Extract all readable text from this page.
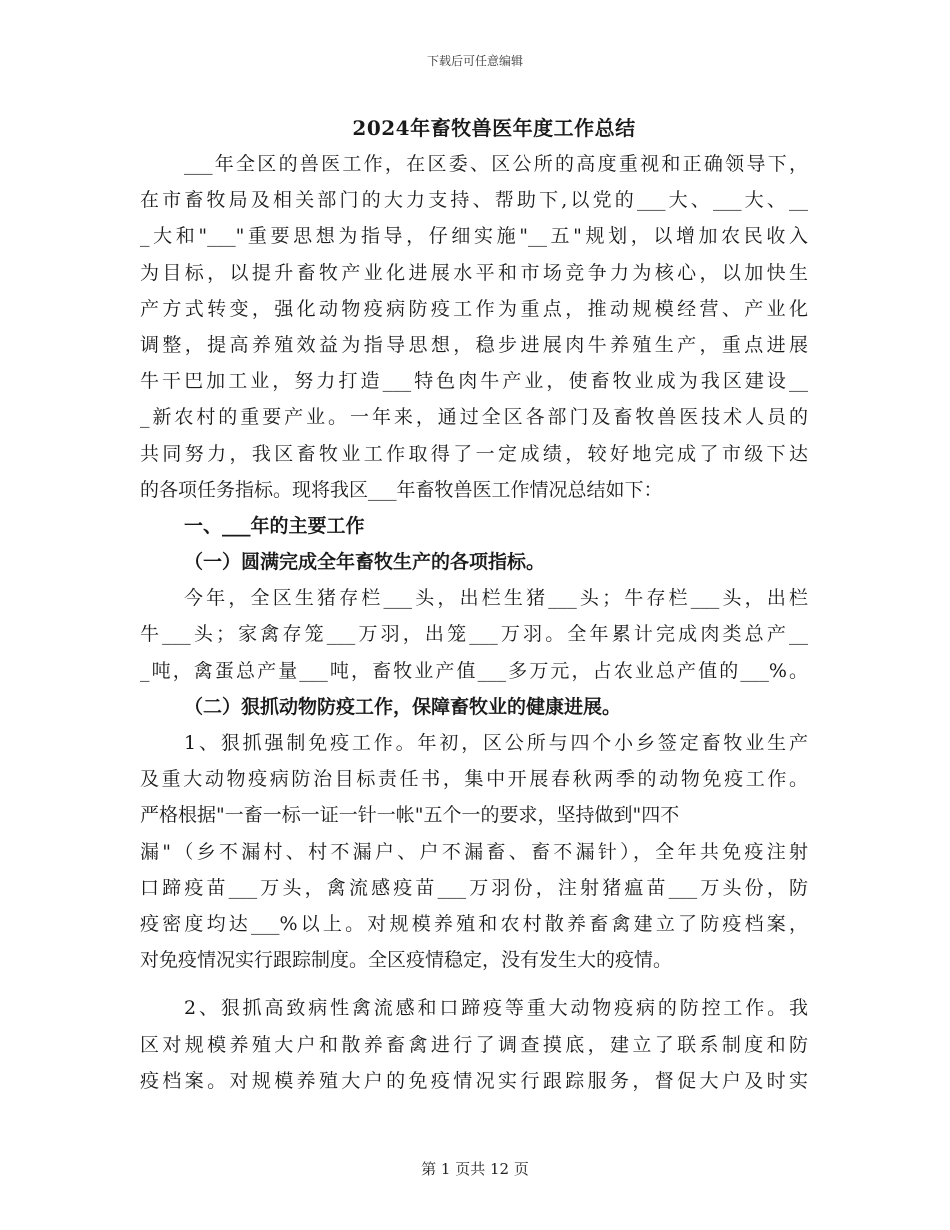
下载后可任意编辑
2024年畜牧兽医年度工作总结
___年全区的兽医工作，在区委、区公所的高度重视和正确领导下，
在市畜牧局及相关部门的大力支持、帮助下,以党的___大、___大、__
_大和"___"重要思想为指导，仔细实施"__五"规划，以增加农民收入
为目标，以提升畜牧产业化进展水平和市场竞争力为核心，以加快生
产方式转变，强化动物疫病防疫工作为重点，推动规模经营、产业化
调整，提高养殖效益为指导思想，稳步进展肉牛养殖生产，重点进展
牛干巴加工业，努力打造___特色肉牛产业，使畜牧业成为我区建设__
_新农村的重要产业。一年来，通过全区各部门及畜牧兽医技术人员的
共同努力，我区畜牧业工作取得了一定成绩，较好地完成了市级下达
的各项任务指标。现将我区___年畜牧兽医工作情况总结如下：
一、___年的主要工作
（一）圆满完成全年畜牧生产的各项指标。
今年，全区生猪存栏___头，出栏生猪___头；牛存栏___头，出栏
牛___头；家禽存笼___万羽，出笼___万羽。全年累计完成肉类总产__
_吨，禽蛋总产量___吨，畜牧业产值___多万元，占农业总产值的___%。
（二）狠抓动物防疫工作，保障畜牧业的健康进展。
1、狠抓强制免疫工作。年初，区公所与四个小乡签定畜牧业生产
及重大动物疫病防治目标责任书，集中开展春秋两季的动物免疫工作。
严格根据"一畜一标一证一针一帐"五个一的要求，坚持做到"四不
漏"（乡不漏村、村不漏户、户不漏畜、畜不漏针），全年共免疫注射
口蹄疫苗___万头，禽流感疫苗___万羽份，注射猪瘟苗___万头份，防
疫密度均达___%以上。对规模养殖和农村散养畜禽建立了防疫档案，
对免疫情况实行跟踪制度。全区疫情稳定，没有发生大的疫情。
2、狠抓高致病性禽流感和口蹄疫等重大动物疫病的防控工作。我
区对规模养殖大户和散养畜禽进行了调查摸底，建立了联系制度和防
疫档案。对规模养殖大户的免疫情况实行跟踪服务，督促大户及时实
第 1 页共 12 页
